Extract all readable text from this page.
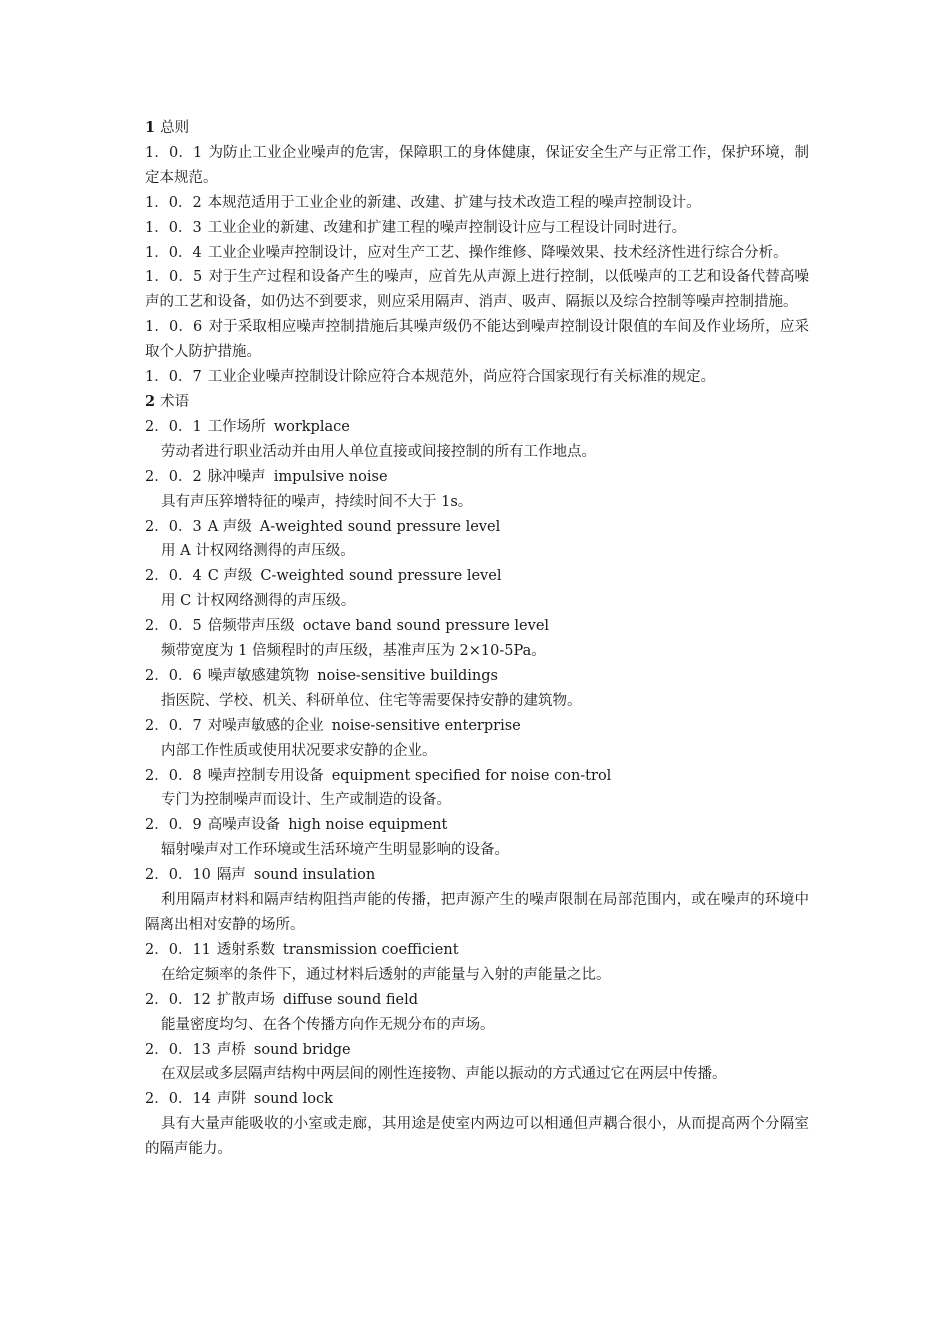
1 总则

1．0．1 为防止工业企业噪声的危害，保障职工的身体健康，保证安全生产与正常工作，保护环境，制定本规范。

1．0．2 本规范适用于工业企业的新建、改建、扩建与技术改造工程的噪声控制设计。

1．0．3 工业企业的新建、改建和扩建工程的噪声控制设计应与工程设计同时进行。

1．0．4 工业企业噪声控制设计，应对生产工艺、操作维修、降噪效果、技术经济性进行综合分析。

1．0．5 对于生产过程和设备产生的噪声，应首先从声源上进行控制，以低噪声的工艺和设备代替高噪声的工艺和设备，如仍达不到要求，则应采用隔声、消声、吸声、隔振以及综合控制等噪声控制措施。

1．0．6 对于采取相应噪声控制措施后其噪声级仍不能达到噪声控制设计限值的车间及作业场所，应采取个人防护措施。

1．0．7 工业企业噪声控制设计除应符合本规范外，尚应符合国家现行有关标准的规定。

2 术语

2．0．1 工作场所 workplace

劳动者进行职业活动并由用人单位直接或间接控制的所有工作地点。

2．0．2 脉冲噪声 impulsive noise

具有声压猝增特征的噪声，持续时间不大于 1s。

2．0．3 A 声级 A-weighted sound pressure level

用 A 计权网络测得的声压级。

2．0．4 C 声级 C-weighted sound pressure level

用 C 计权网络测得的声压级。

2．0．5 倍频带声压级 octave band sound pressure level

频带宽度为 1 倍频程时的声压级，基准声压为 2×10-5Pa。

2．0．6 噪声敏感建筑物 noise-sensitive buildings

指医院、学校、机关、科研单位、住宅等需要保持安静的建筑物。

2．0．7 对噪声敏感的企业 noise-sensitive enterprise

内部工作性质或使用状况要求安静的企业。

2．0．8 噪声控制专用设备 equipment specified for noise con-trol

专门为控制噪声而设计、生产或制造的设备。

2．0．9 高噪声设备 high noise equipment

辐射噪声对工作环境或生活环境产生明显影响的设备。

2．0．10 隔声 sound insulation

利用隔声材料和隔声结构阻挡声能的传播，把声源产生的噪声限制在局部范围内，或在噪声的环境中隔离出相对安静的场所。

2．0．11 透射系数 transmission coefficient

在给定频率的条件下，通过材料后透射的声能量与入射的声能量之比。

2．0．12 扩散声场 diffuse sound field

能量密度均匀、在各个传播方向作无规分布的声场。

2．0．13 声桥 sound bridge

在双层或多层隔声结构中两层间的刚性连接物、声能以振动的方式通过它在两层中传播。

2．0．14 声阱 sound lock

具有大量声能吸收的小室或走廊，其用途是使室内两边可以相通但声耦合很小，从而提高两个分隔室的隔声能力。
